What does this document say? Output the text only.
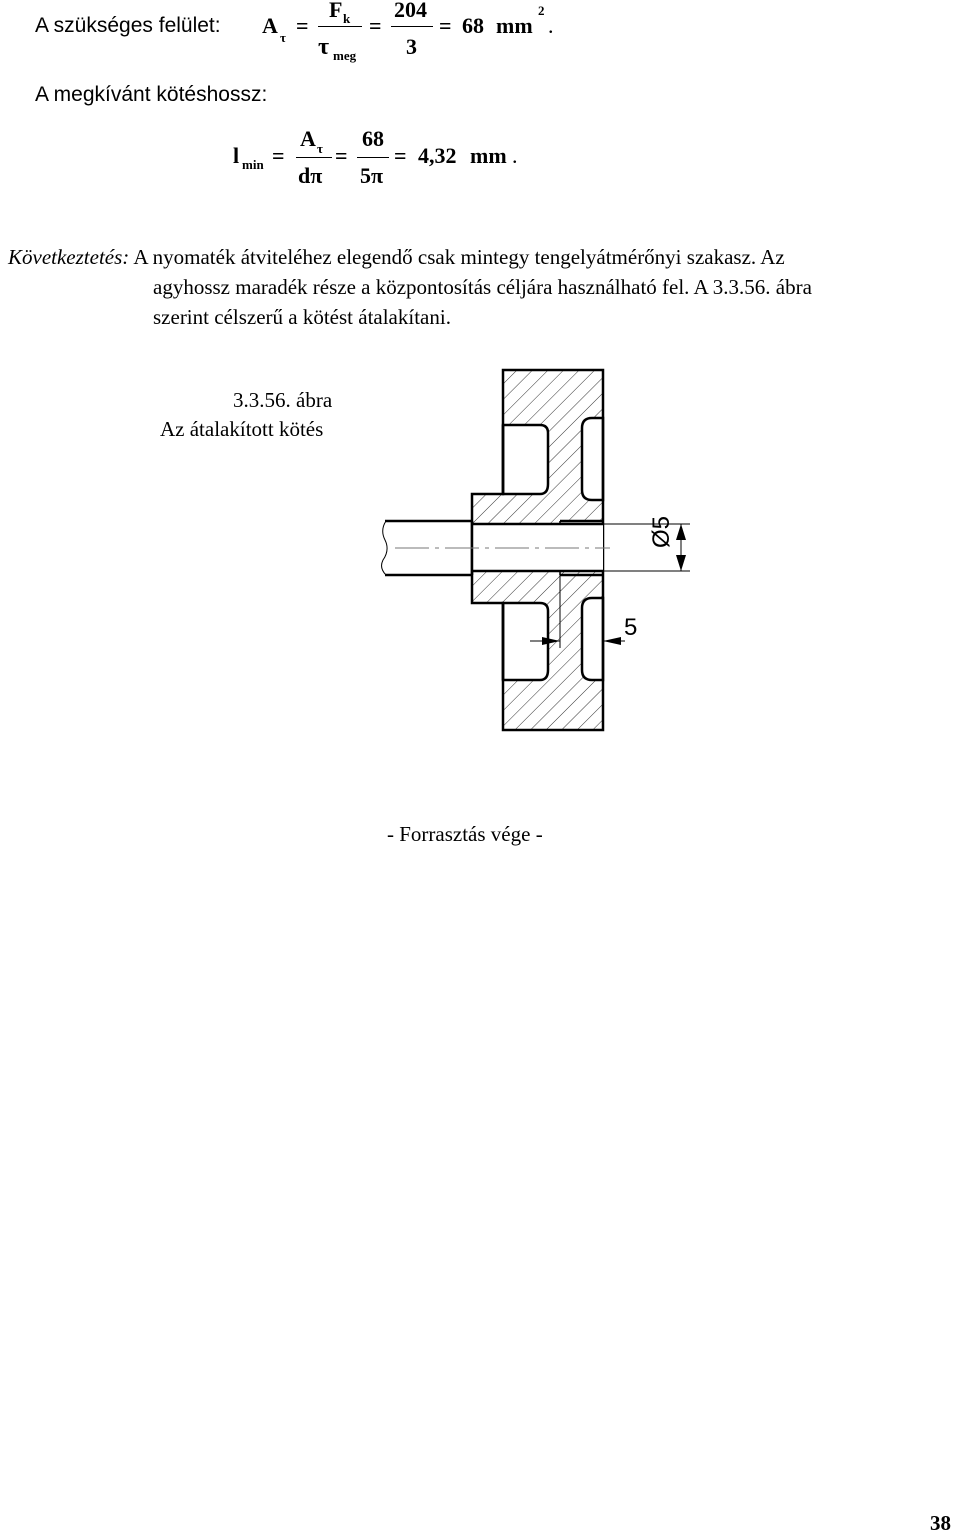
A szükséges felület: A τ =
F k
τ meg
=
204
3
= 68 mm
2
.
A megkívánt kötéshossz:
l min =
A τ
dπ
=
68
5π
= 4,32 mm .
Következtetés: A nyomaték átviteléhez elegendő csak mintegy tengelyátmérőnyi szakasz. Az
agyhossz maradék része a központosítás céljára használható fel. A 3.3.56. ábra
szerint célszerű a kötést átalakítani.
3.3.56. ábra
Az átalakított kötés
Ø5
5
- Forrasztás vége -
38
